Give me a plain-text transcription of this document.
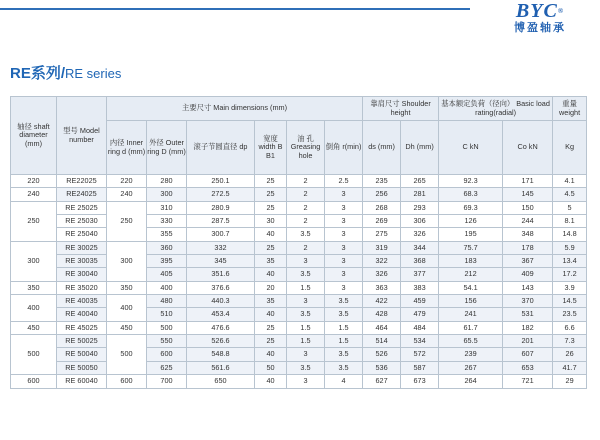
BYC®
博盈轴承
RE系列/RE series
轴径 shaft diameter (mm)	型号 Model number	主要尺寸 Main dimensions (mm)						靠肩尺寸 Shoulder height		基本额定负荷（径向） Basic load rating(radial)		重量 weight

		内径 Inner ring d (mm)	外径 Outer ring D (mm)	滚子节圆直径 dp	宽度 width B B1	油 孔 Greasing hole	倒角 r(min)	ds (mm)	Dh (mm)	C kN	Co kN	Kg

220	RE22025	220	280	250.1	25	2	2.5	235	265	92.3	171	4.1
240	RE24025	240	300	272.5	25	2	3	256	281	68.3	145	4.5
250	RE 25025	250	310	280.9	25	2	3	268	293	69.3	150	5
	RE 25030		330	287.5	30	2	3	269	306	126	244	8.1
	RE 25040		355	300.7	40	3.5	3	275	326	195	348	14.8
300	RE 30025	300	360	332	25	2	3	319	344	75.7	178	5.9
	RE 30035		395	345	35	3	3	322	368	183	367	13.4
	RE 30040		405	351.6	40	3.5	3	326	377	212	409	17.2
350	RE 35020	350	400	376.6	20	1.5	3	363	383	54.1	143	3.9
400	RE 40035	400	480	440.3	35	3	3.5	422	459	156	370	14.5
	RE 40040		510	453.4	40	3.5	3.5	428	479	241	531	23.5
450	RE 45025	450	500	476.6	25	1.5	1.5	464	484	61.7	182	6.6
500	RE 50025	500	550	526.6	25	1.5	1.5	514	534	65.5	201	7.3
	RE 50040		600	548.8	40	3	3.5	526	572	239	607	26
	RE 50050		625	561.6	50	3.5	3.5	536	587	267	653	41.7
600	RE 60040	600	700	650	40	3	4	627	673	264	721	29
